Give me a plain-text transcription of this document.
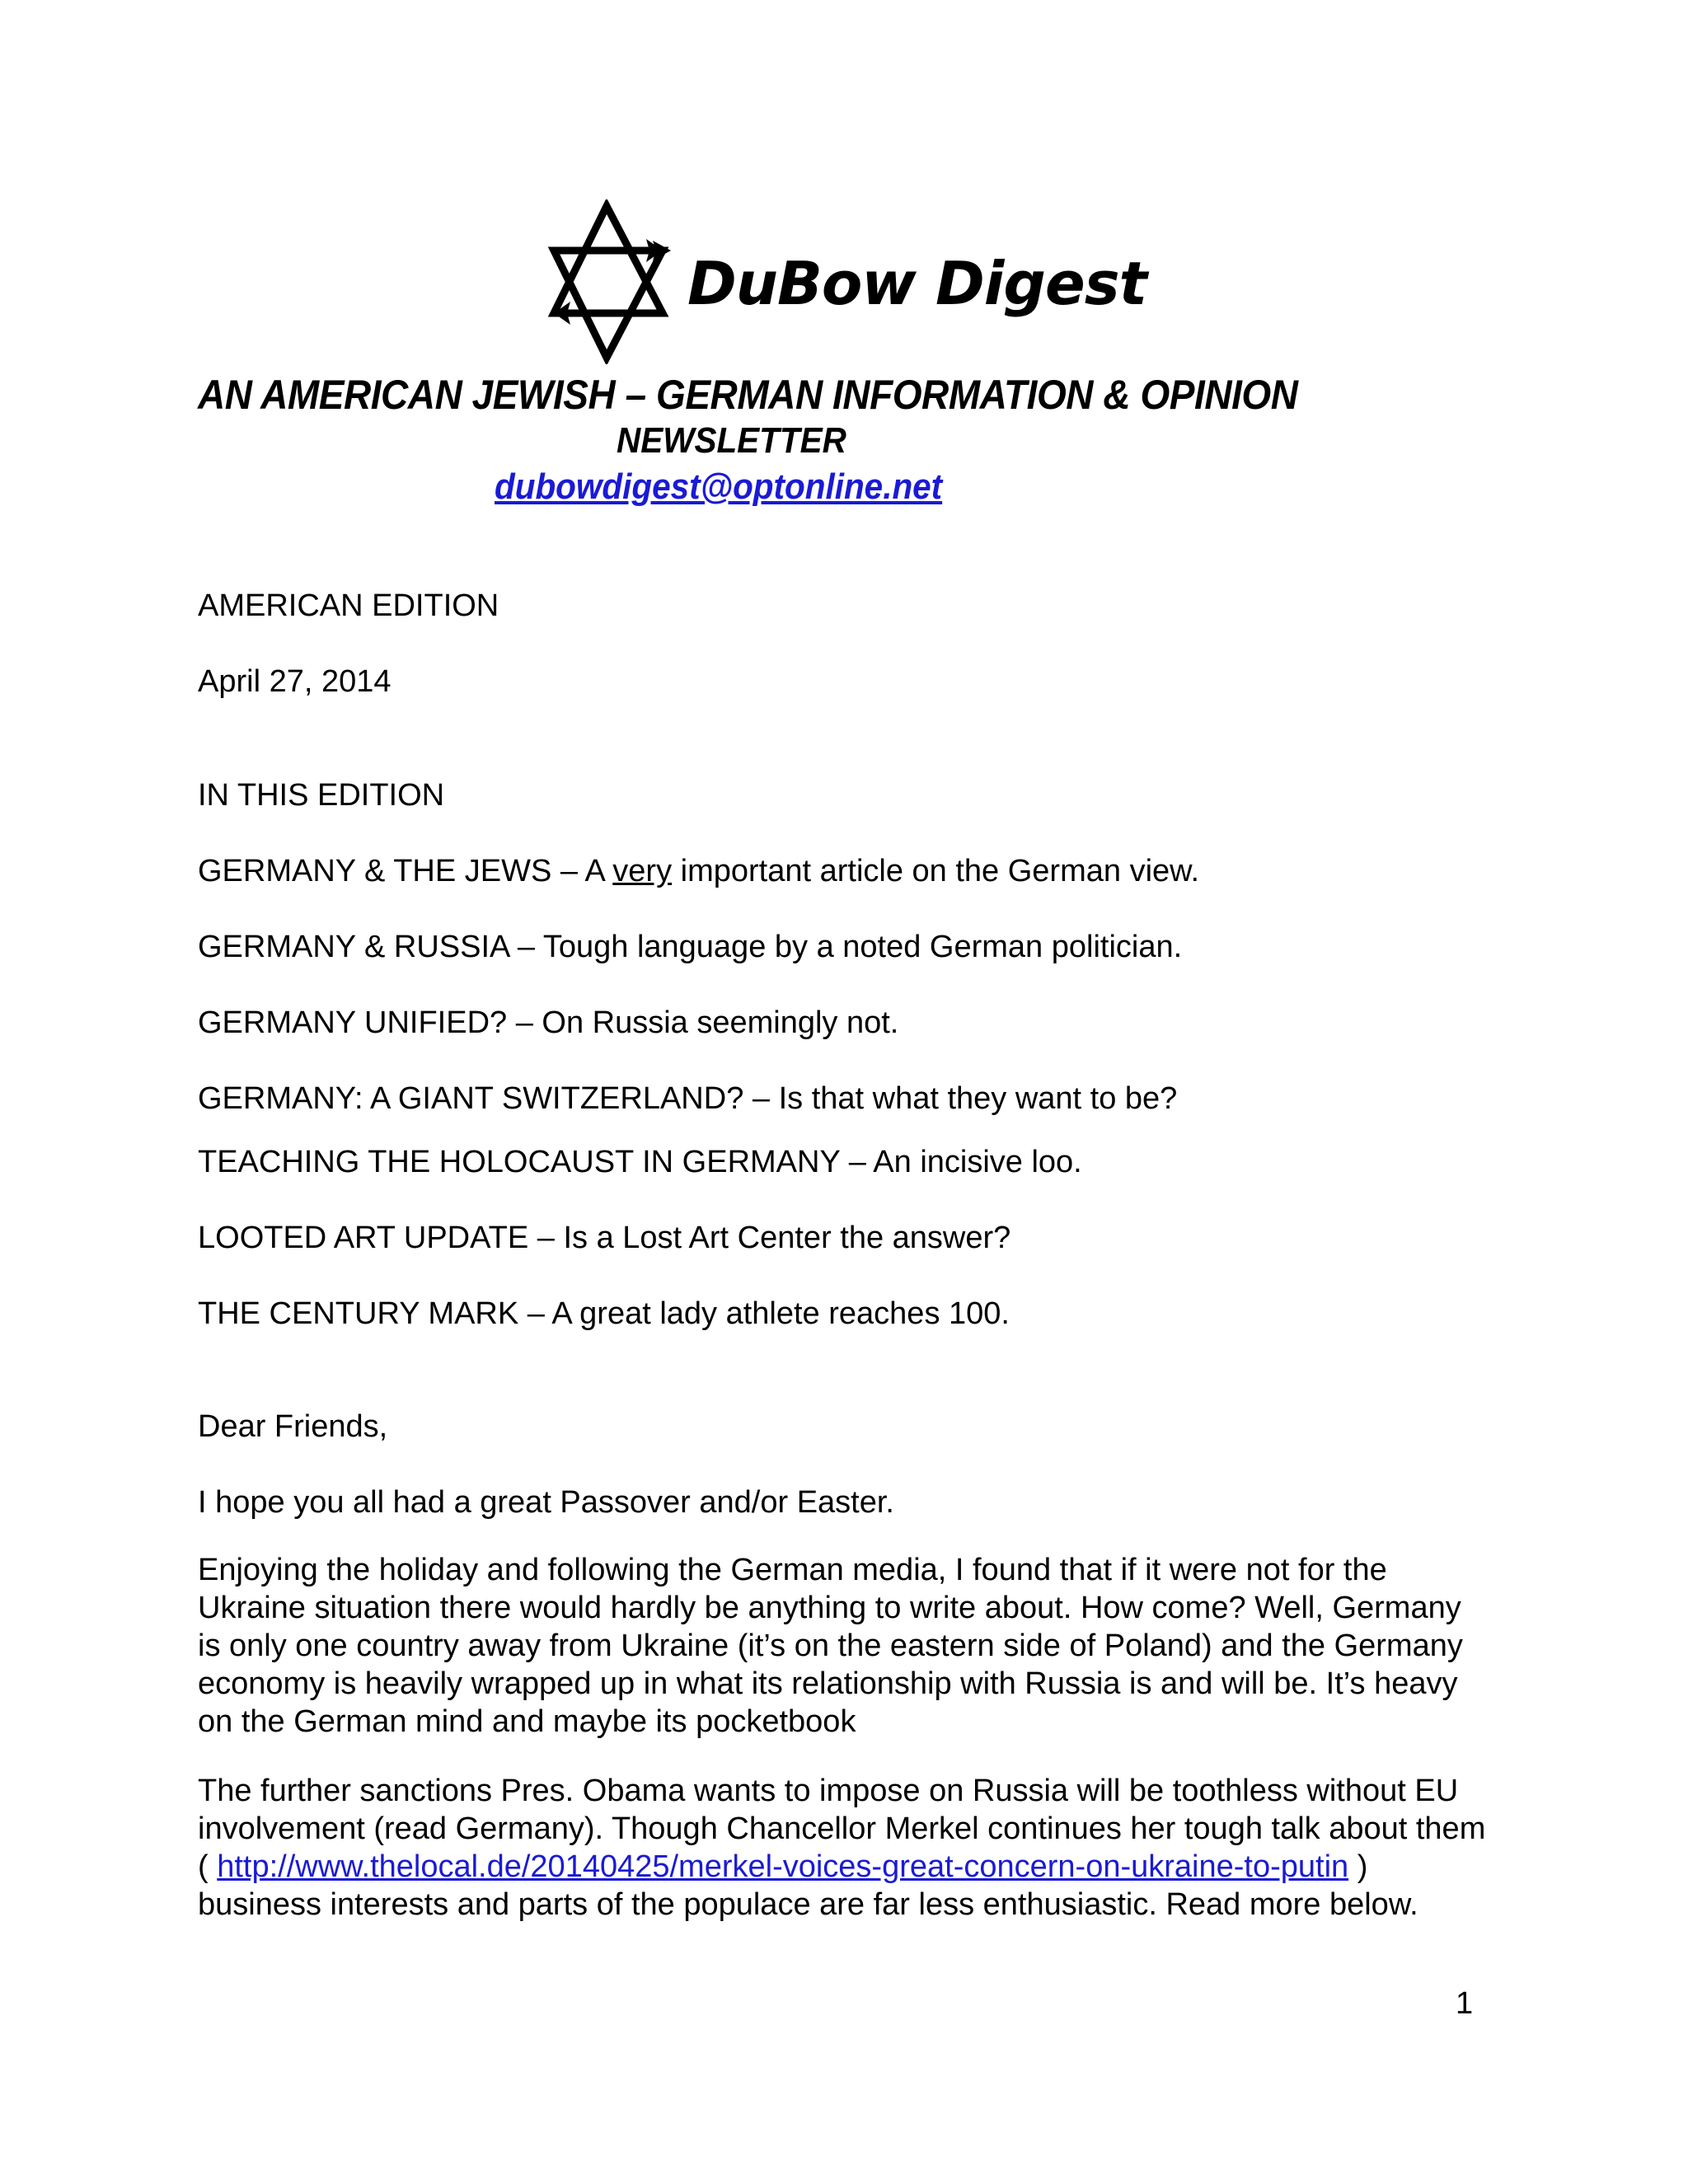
DuBow Digest
AN AMERICAN JEWISH – GERMAN INFORMATION & OPINION
NEWSLETTER
dubowdigest@optonline.net
AMERICAN EDITION
April 27, 2014
IN THIS EDITION
GERMANY & THE JEWS – A very important article on the German view.
GERMANY & RUSSIA – Tough language by a noted German politician.
GERMANY UNIFIED? – On Russia seemingly not.
GERMANY: A GIANT SWITZERLAND? – Is that what they want to be?
TEACHING THE HOLOCAUST IN GERMANY – An incisive loo.
LOOTED ART UPDATE – Is a Lost Art Center the answer?
THE CENTURY MARK – A great lady athlete reaches 100.
Dear Friends,
I hope you all had a great Passover and/or Easter.
Enjoying the holiday and following the German media, I found that if it were not for the Ukraine situation there would hardly be anything to write about. How come? Well, Germany is only one country away from Ukraine (it’s on the eastern side of Poland) and the Germany economy is heavily wrapped up in what its relationship with Russia is and will be. It’s heavy on the German mind and maybe its pocketbook
The further sanctions Pres. Obama wants to impose on Russia will be toothless without EU involvement (read Germany). Though Chancellor Merkel continues her tough talk about them ( http://www.thelocal.de/20140425/merkel-voices-great-concern-on-ukraine-to-putin ) business interests and parts of the populace are far less enthusiastic. Read more below.
1
